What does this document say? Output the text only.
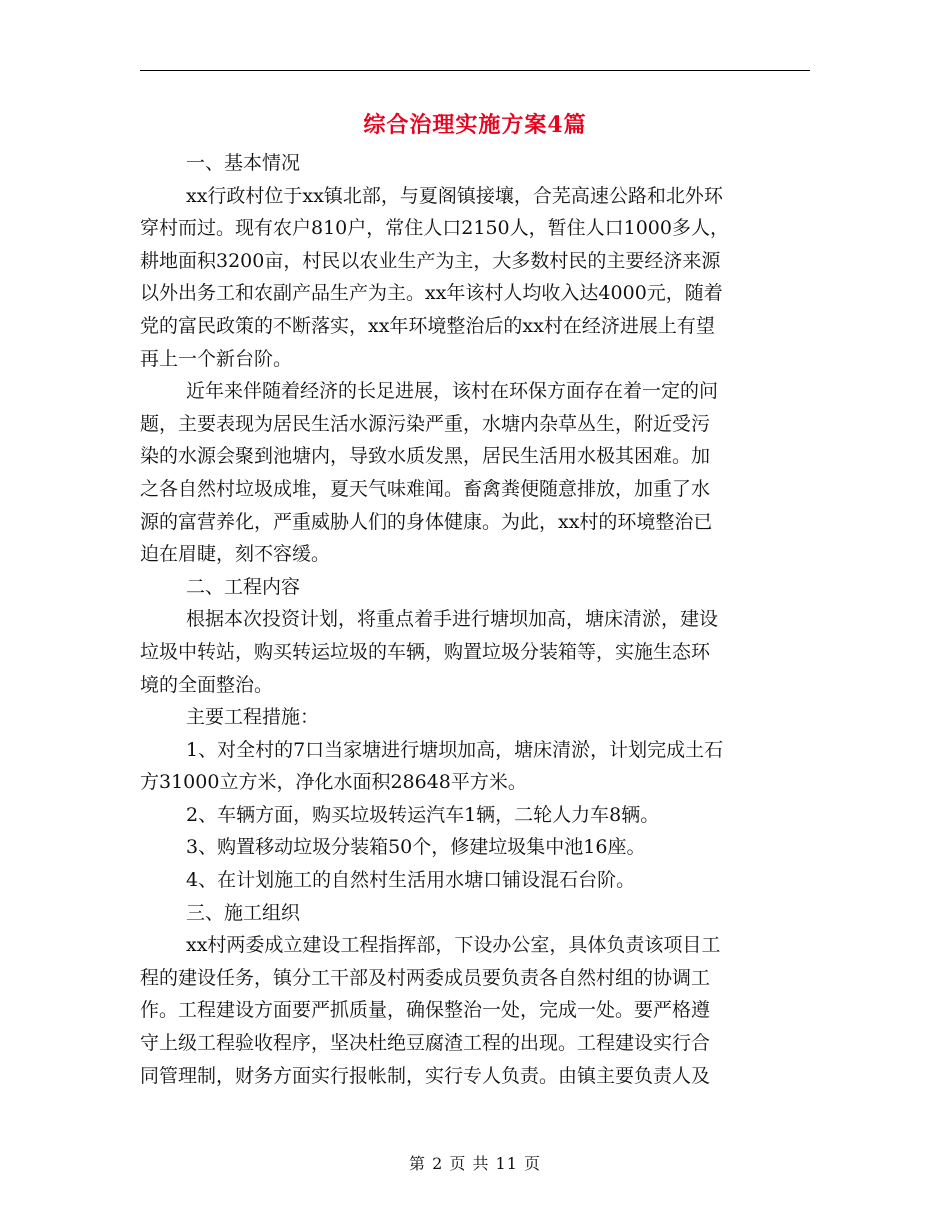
综合治理实施方案4篇
一、基本情况
xx行政村位于xx镇北部，与夏阁镇接壤，合芜高速公路和北外环
穿村而过。现有农户810户，常住人口2150人，暂住人口1000多人，
耕地面积3200亩，村民以农业生产为主，大多数村民的主要经济来源
以外出务工和农副产品生产为主。xx年该村人均收入达4000元，随着
党的富民政策的不断落实，xx年环境整治后的xx村在经济进展上有望
再上一个新台阶。
近年来伴随着经济的长足进展，该村在环保方面存在着一定的问
题，主要表现为居民生活水源污染严重，水塘内杂草丛生，附近受污
染的水源会聚到池塘内，导致水质发黑，居民生活用水极其困难。加
之各自然村垃圾成堆，夏天气味难闻。畜禽粪便随意排放，加重了水
源的富营养化，严重威胁人们的身体健康。为此，xx村的环境整治已
迫在眉睫，刻不容缓。
二、工程内容
根据本次投资计划，将重点着手进行塘坝加高，塘床清淤，建设
垃圾中转站，购买转运垃圾的车辆，购置垃圾分装箱等，实施生态环
境的全面整治。
主要工程措施：
1、对全村的7口当家塘进行塘坝加高，塘床清淤，计划完成土石
方31000立方米，净化水面积28648平方米。
2、车辆方面，购买垃圾转运汽车1辆，二轮人力车8辆。
3、购置移动垃圾分装箱50个，修建垃圾集中池16座。
4、在计划施工的自然村生活用水塘口铺设混石台阶。
三、施工组织
xx村两委成立建设工程指挥部，下设办公室，具体负责该项目工
程的建设任务，镇分工干部及村两委成员要负责各自然村组的协调工
作。工程建设方面要严抓质量，确保整治一处，完成一处。要严格遵
守上级工程验收程序，坚决杜绝豆腐渣工程的出现。工程建设实行合
同管理制，财务方面实行报帐制，实行专人负责。由镇主要负责人及
第 2 页 共 11 页
